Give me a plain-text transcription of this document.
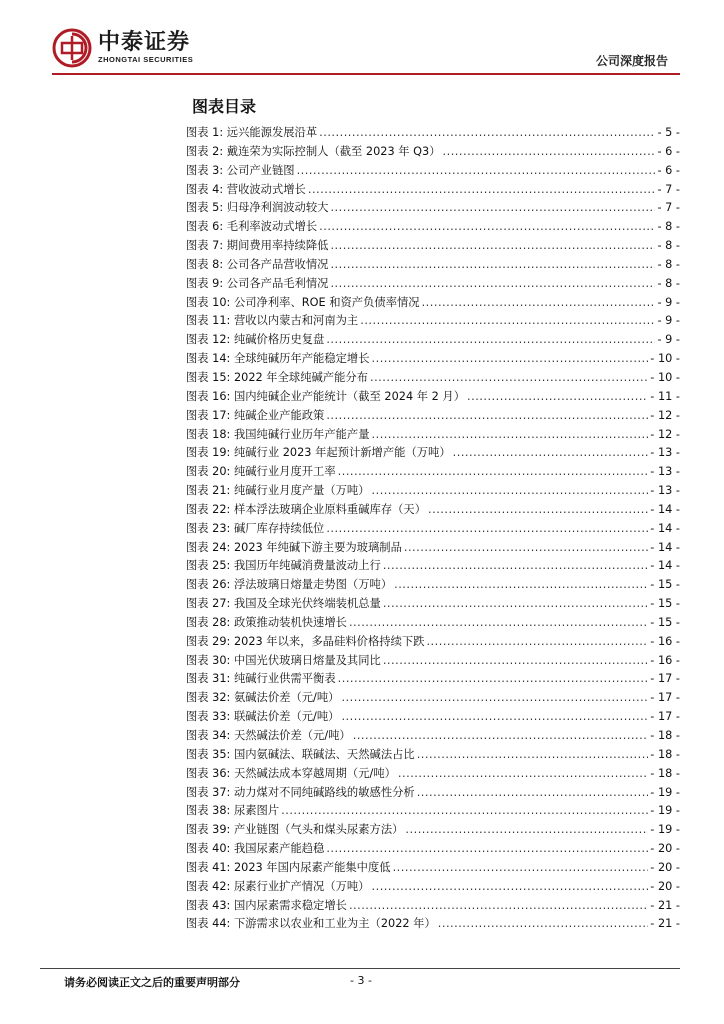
中泰证券
ZHONGTAI SECURITIES	公司深度报告
图表目录
图表 1: 远兴能源发展沿革 .....	- 5 -
图表 2: 戴连荣为实际控制人（截至 2023 年 Q3） .....	- 6 -
图表 3: 公司产业链图 .....	- 6 -
图表 4: 营收波动式增长 .....	- 7 -
图表 5: 归母净利润波动较大 .....	- 7 -
图表 6: 毛利率波动式增长 .....	- 8 -
图表 7: 期间费用率持续降低 .....	- 8 -
图表 8: 公司各产品营收情况 .....	- 8 -
图表 9: 公司各产品毛利情况 .....	- 8 -
图表 10: 公司净利率、ROE 和资产负债率情况 .....	- 9 -
图表 11: 营收以内蒙古和河南为主 .....	- 9 -
图表 12: 纯碱价格历史复盘 .....	- 9 -
图表 14: 全球纯碱历年产能稳定增长 .....	- 10 -
图表 15: 2022 年全球纯碱产能分布 .....	- 10 -
图表 16: 国内纯碱企业产能统计（截至 2024 年 2 月） .....	- 11 -
图表 17: 纯碱企业产能政策 .....	- 12 -
图表 18: 我国纯碱行业历年产能产量 .....	- 12 -
图表 19: 纯碱行业 2023 年起预计新增产能（万吨） .....	- 13 -
图表 20: 纯碱行业月度开工率 .....	- 13 -
图表 21: 纯碱行业月度产量（万吨） .....	- 13 -
图表 22: 样本浮法玻璃企业原料重碱库存（天） .....	- 14 -
图表 23: 碱厂库存持续低位 .....	- 14 -
图表 24: 2023 年纯碱下游主要为玻璃制品 .....	- 14 -
图表 25: 我国历年纯碱消费量波动上行 .....	- 14 -
图表 26: 浮法玻璃日熔量走势图（万吨） .....	- 15 -
图表 27: 我国及全球光伏终端装机总量 .....	- 15 -
图表 28: 政策推动装机快速增长 .....	- 15 -
图表 29: 2023 年以来，多晶硅料价格持续下跌 .....	- 16 -
图表 30: 中国光伏玻璃日熔量及其同比 .....	- 16 -
图表 31: 纯碱行业供需平衡表 .....	- 17 -
图表 32: 氨碱法价差（元/吨） .....	- 17 -
图表 33: 联碱法价差（元/吨） .....	- 17 -
图表 34: 天然碱法价差（元/吨） .....	- 18 -
图表 35: 国内氨碱法、联碱法、天然碱法占比 .....	- 18 -
图表 36: 天然碱法成本穿越周期（元/吨） .....	- 18 -
图表 37: 动力煤对不同纯碱路线的敏感性分析 .....	- 19 -
图表 38: 尿素图片 .....	- 19 -
图表 39: 产业链图（气头和煤头尿素方法） .....	- 19 -
图表 40: 我国尿素产能趋稳 .....	- 20 -
图表 41: 2023 年国内尿素产能集中度低 .....	- 20 -
图表 42: 尿素行业扩产情况（万吨） .....	- 20 -
图表 43: 国内尿素需求稳定增长 .....	- 21 -
图表 44: 下游需求以农业和工业为主（2022 年） .....	- 21 -
请务必阅读正文之后的重要声明部分	- 3 -
